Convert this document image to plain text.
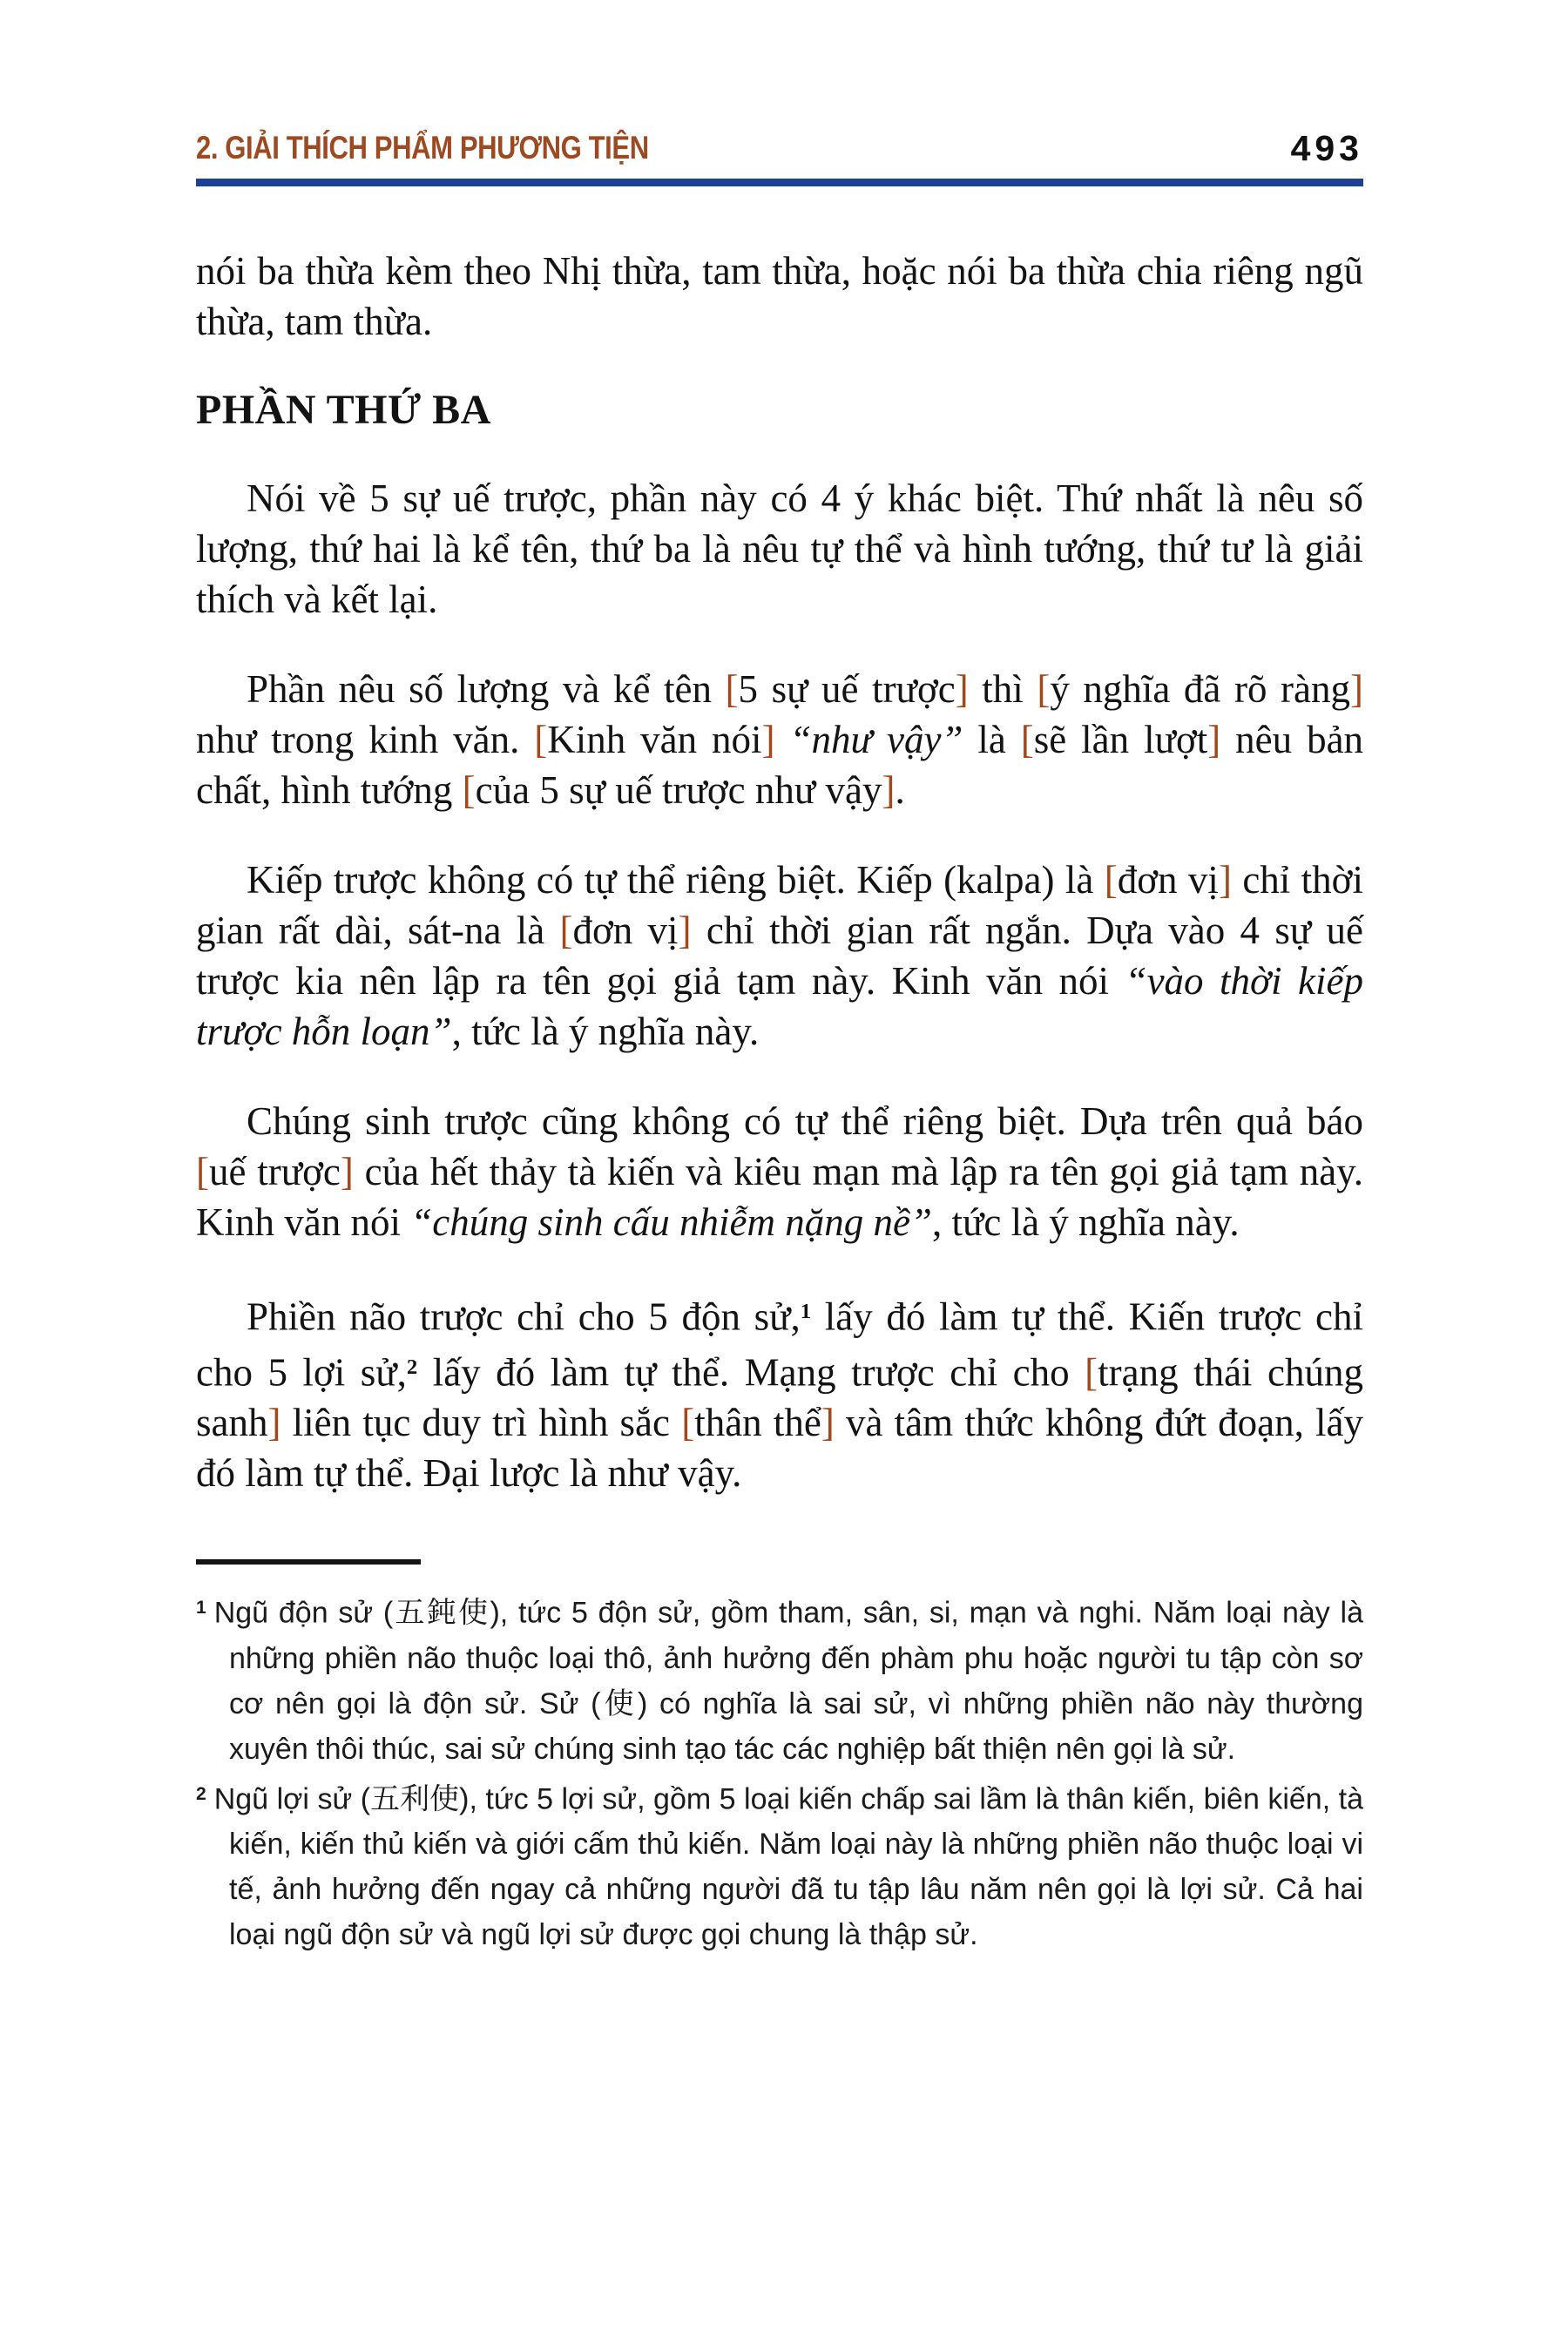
2. GIẢI THÍCH PHẨM PHƯƠNG TIỆN	493

nói ba thừa kèm theo Nhị thừa, tam thừa, hoặc nói ba thừa chia riêng ngũ thừa, tam thừa.

PHẦN THỨ BA

Nói về 5 sự uế trược, phần này có 4 ý khác biệt. Thứ nhất là nêu số lượng, thứ hai là kể tên, thứ ba là nêu tự thể và hình tướng, thứ tư là giải thích và kết lại.

Phần nêu số lượng và kể tên [5 sự uế trược] thì [ý nghĩa đã rõ ràng] như trong kinh văn. [Kinh văn nói] “như vậy” là [sẽ lần lượt] nêu bản chất, hình tướng [của 5 sự uế trược như vậy].

Kiếp trược không có tự thể riêng biệt. Kiếp (kalpa) là [đơn vị] chỉ thời gian rất dài, sát-na là [đơn vị] chỉ thời gian rất ngắn. Dựa vào 4 sự uế trược kia nên lập ra tên gọi giả tạm này. Kinh văn nói “vào thời kiếp trược hỗn loạn”, tức là ý nghĩa này.

Chúng sinh trược cũng không có tự thể riêng biệt. Dựa trên quả báo [uế trược] của hết thảy tà kiến và kiêu mạn mà lập ra tên gọi giả tạm này. Kinh văn nói “chúng sinh cấu nhiễm nặng nề”, tức là ý nghĩa này.

Phiền não trược chỉ cho 5 độn sử,$^1$ lấy đó làm tự thể. Kiến trược chỉ cho 5 lợi sử,$^2$ lấy đó làm tự thể. Mạng trược chỉ cho [trạng thái chúng sanh] liên tục duy trì hình sắc [thân thể] và tâm thức không đứt đoạn, lấy đó làm tự thể. Đại lược là như vậy.

$^1$ Ngũ độn sử (五鈍使), tức 5 độn sử, gồm tham, sân, si, mạn và nghi. Năm loại này là những phiền não thuộc loại thô, ảnh hưởng đến phàm phu hoặc người tu tập còn sơ cơ nên gọi là độn sử. Sử (使) có nghĩa là sai sử, vì những phiền não này thường xuyên thôi thúc, sai sử chúng sinh tạo tác các nghiệp bất thiện nên gọi là sử.

$^2$ Ngũ lợi sử (五利使), tức 5 lợi sử, gồm 5 loại kiến chấp sai lầm là thân kiến, biên kiến, tà kiến, kiến thủ kiến và giới cấm thủ kiến. Năm loại này là những phiền não thuộc loại vi tế, ảnh hưởng đến ngay cả những người đã tu tập lâu năm nên gọi là lợi sử. Cả hai loại ngũ độn sử và ngũ lợi sử được gọi chung là thập sử.
